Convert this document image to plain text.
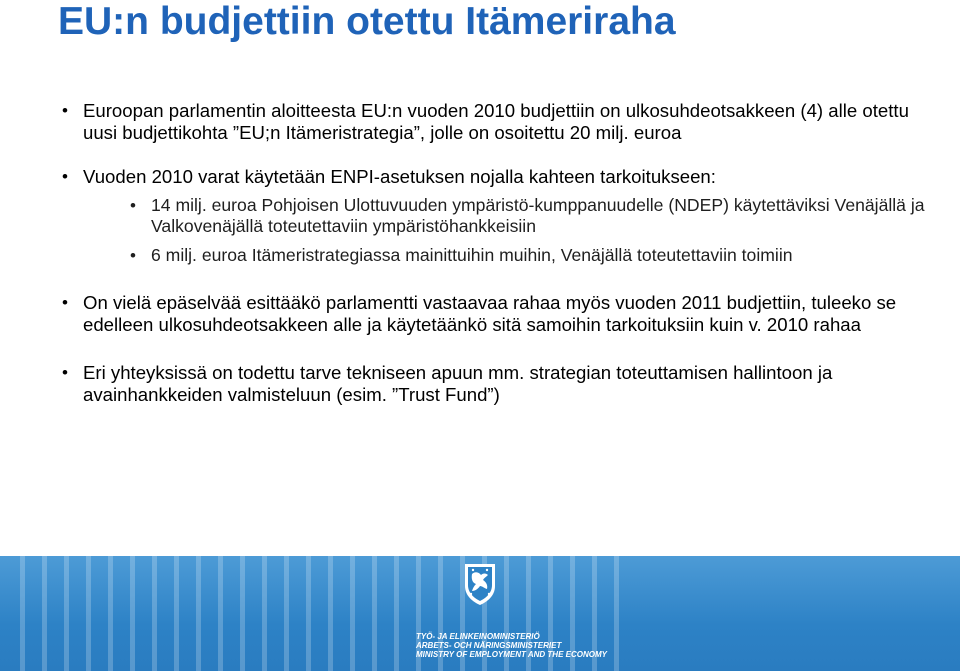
EU:n budjettiin otettu Itämeriraha
• Euroopan parlamentin aloitteesta EU:n vuoden 2010 budjettiin on ulkosuhdeotsakkeen (4) alle otettu uusi budjettikohta ”EU;n Itämeristrategia”, jolle on osoitettu 20 milj. euroa
• Vuoden 2010 varat käytetään ENPI-asetuksen nojalla kahteen tarkoitukseen:
• 14 milj. euroa Pohjoisen Ulottuvuuden ympäristö-kumppanuudelle (NDEP) käytettäviksi Venäjällä ja Valkovenäjällä toteutettaviin ympäristöhankkeisiin
• 6 milj. euroa Itämeristrategiassa mainittuihin muihin, Venäjällä toteutettaviin toimiin
• On vielä epäselvää esittääkö parlamentti vastaavaa rahaa myös vuoden 2011 budjettiin, tuleeko se edelleen ulkosuhdeotsakkeen alle ja käytetäänkö sitä samoihin tarkoituksiin kuin v. 2010 rahaa
• Eri yhteyksissä on todettu tarve tekniseen apuun mm. strategian toteuttamisen hallintoon ja avainhankkeiden valmisteluun (esim. ”Trust Fund”)
TYÖ- JA ELINKEINOMINISTERIÖ
ARBETS- OCH NÄRINGSMINISTERIET
MINISTRY OF EMPLOYMENT AND THE ECONOMY
